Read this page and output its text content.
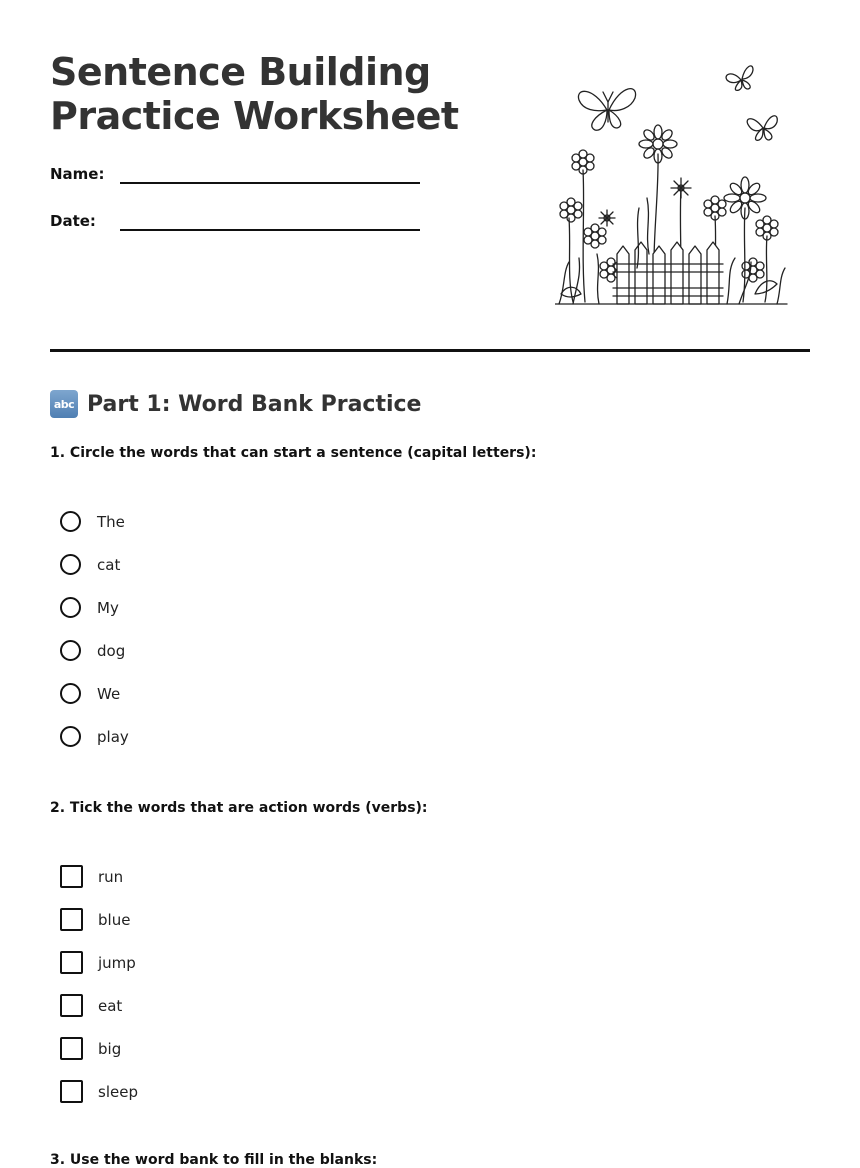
Sentence Building
Practice Worksheet
Name:
Date:
abc Part 1: Word Bank Practice
1. Circle the words that can start a sentence (capital letters):
The
cat
My
dog
We
play
2. Tick the words that are action words (verbs):
run
blue
jump
eat
big
sleep
3. Use the word bank to fill in the blanks:
